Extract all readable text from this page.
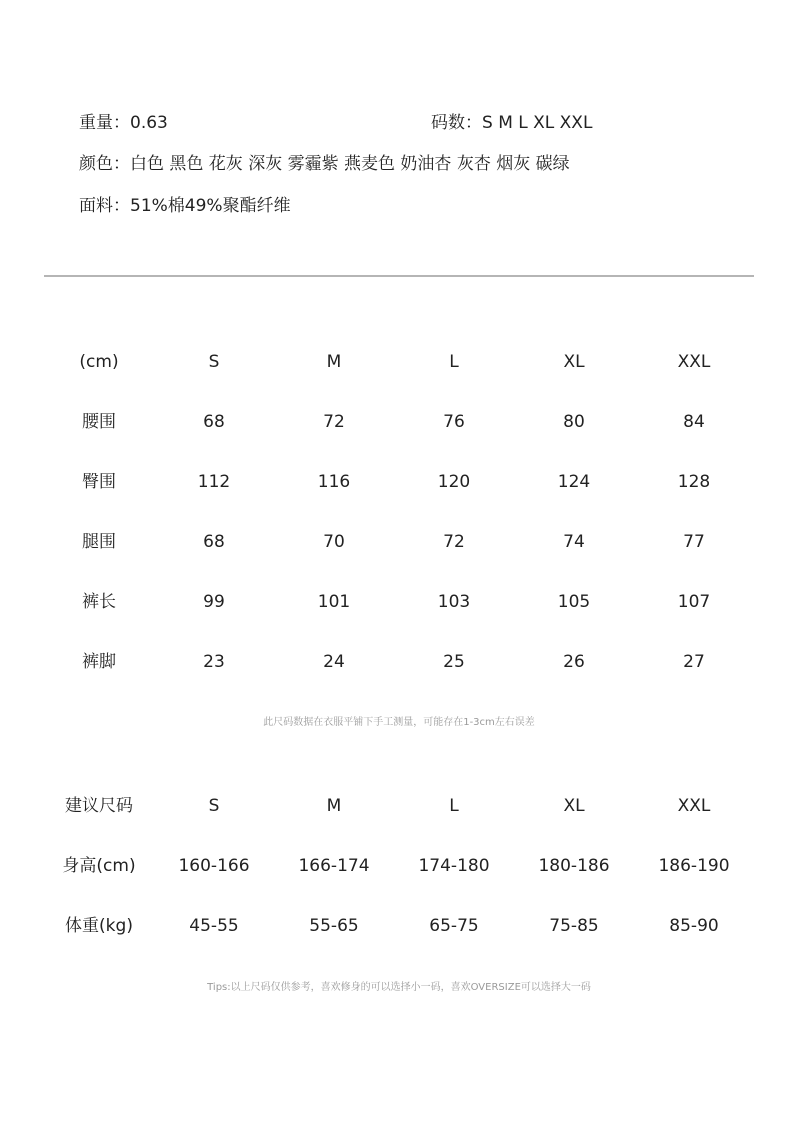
重量：0.63	码数：S M L XL XXL
颜色：白色 黑色 花灰 深灰 雾霾紫 燕麦色 奶油杏 灰杏 烟灰 碳绿
面料：51%棉49%聚酯纤维
(cm)	S	M	L	XL	XXL
腰围	68	72	76	80	84
臀围	112	116	120	124	128
腿围	68	70	72	74	77
裤长	99	101	103	105	107
裤脚	23	24	25	26	27
此尺码数据在衣服平铺下手工测量，可能存在1-3cm左右误差
建议尺码	S	M	L	XL	XXL
身高(cm)	160-166	166-174	174-180	180-186	186-190
体重(kg)	45-55	55-65	65-75	75-85	85-90
Tips:以上尺码仅供参考，喜欢修身的可以选择小一码，喜欢OVERSIZE可以选择大一码
